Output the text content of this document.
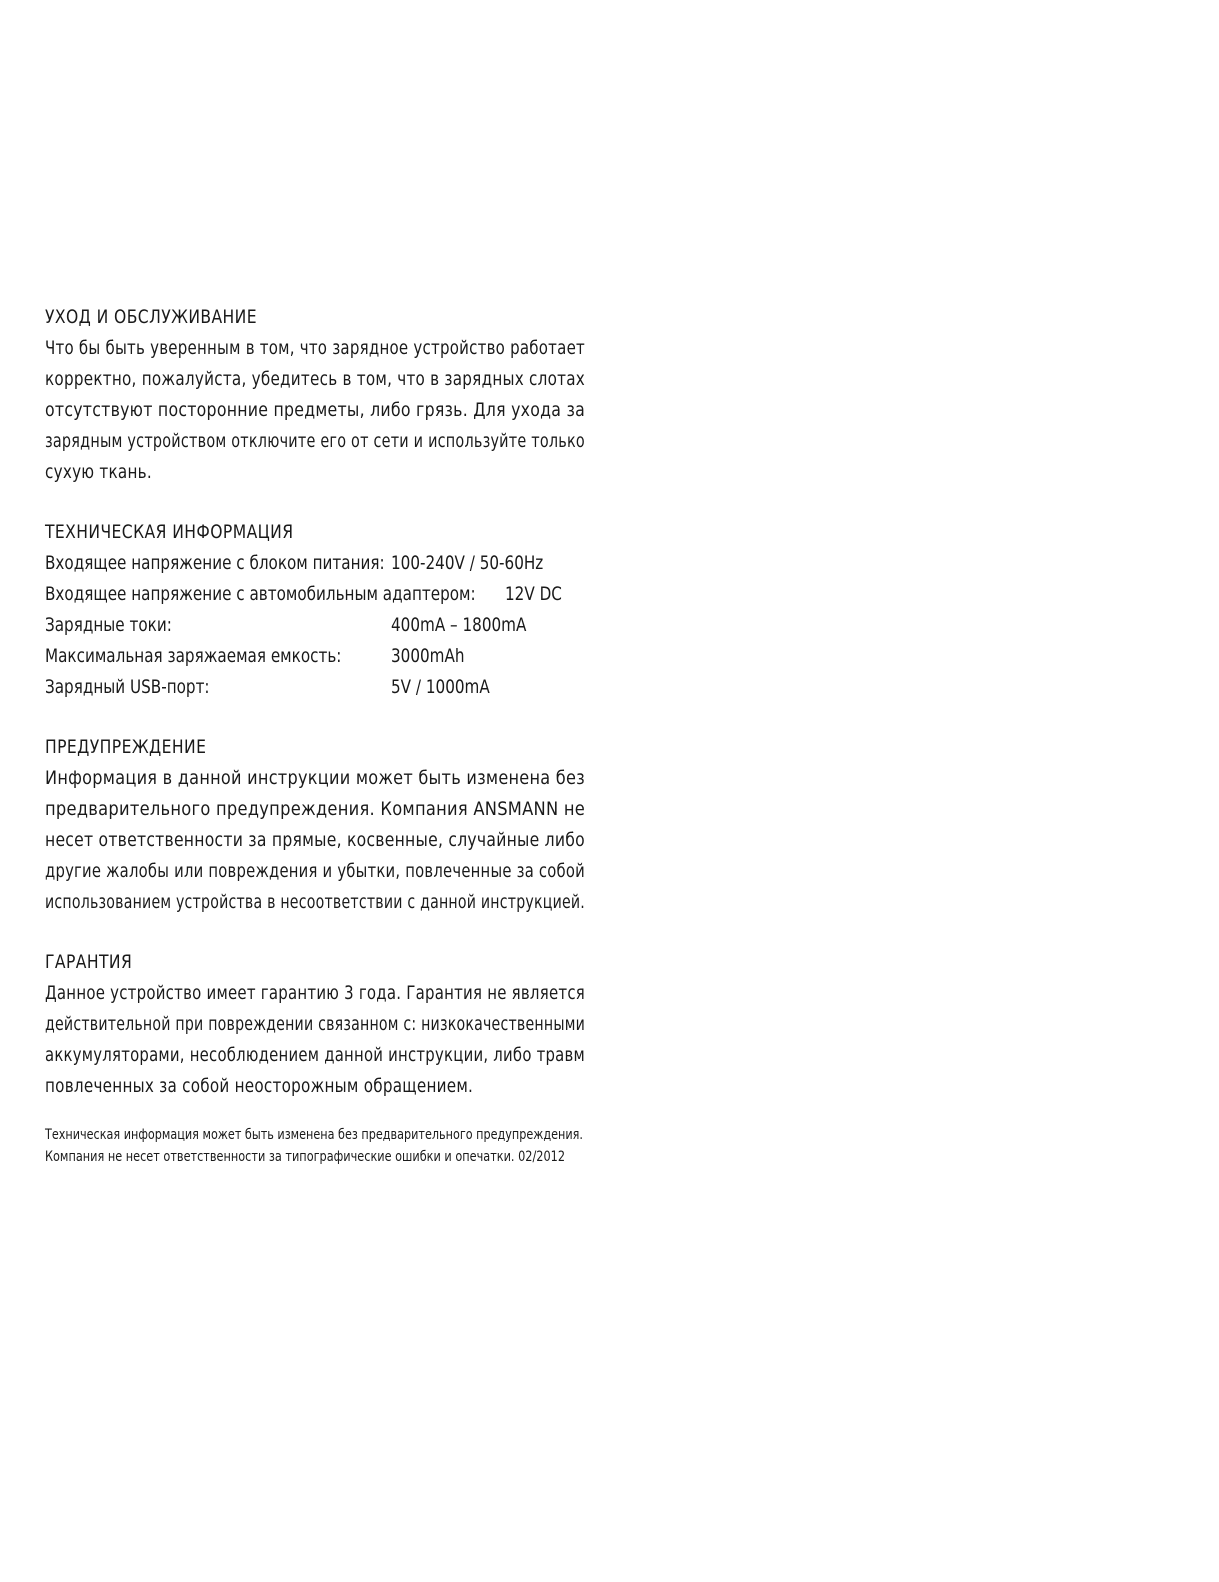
УХОД И ОБСЛУЖИВАНИЕ
Что бы быть уверенным в том, что зарядное устройство работает
корректно, пожалуйста, убедитесь в том, что в зарядных слотах
отсутствуют посторонние предметы, либо грязь. Для ухода за
зарядным устройством отключите его от сети и используйте только
сухую ткань.
ТЕХНИЧЕСКАЯ ИНФОРМАЦИЯ
Входящее напряжение с блоком питания: 100-240V / 50-60Hz
Входящее напряжение с автомобильным адаптером: 12V DC
Зарядные токи:	400mA – 1800mA
Максимальная заряжаемая емкость:	3000mAh
Зарядный USB-порт:	5V / 1000mA
ПРЕДУПРЕЖДЕНИЕ
Информация в данной инструкции может быть изменена без
предварительного предупреждения. Компания ANSMANN не
несет ответственности за прямые, косвенные, случайные либо
другие жалобы или повреждения и убытки, повлеченные за собой
использованием устройства в несоответствии с данной инструкцией.
ГАРАНТИЯ
Данное устройство имеет гарантию 3 года. Гарантия не является
действительной при повреждении связанном с: низкокачественными
аккумуляторами, несоблюдением данной инструкции, либо травм
повлеченных за собой неосторожным обращением.
Техническая информация может быть изменена без предварительного предупреждения.
Компания не несет ответственности за типографические ошибки и опечатки. 02/2012
